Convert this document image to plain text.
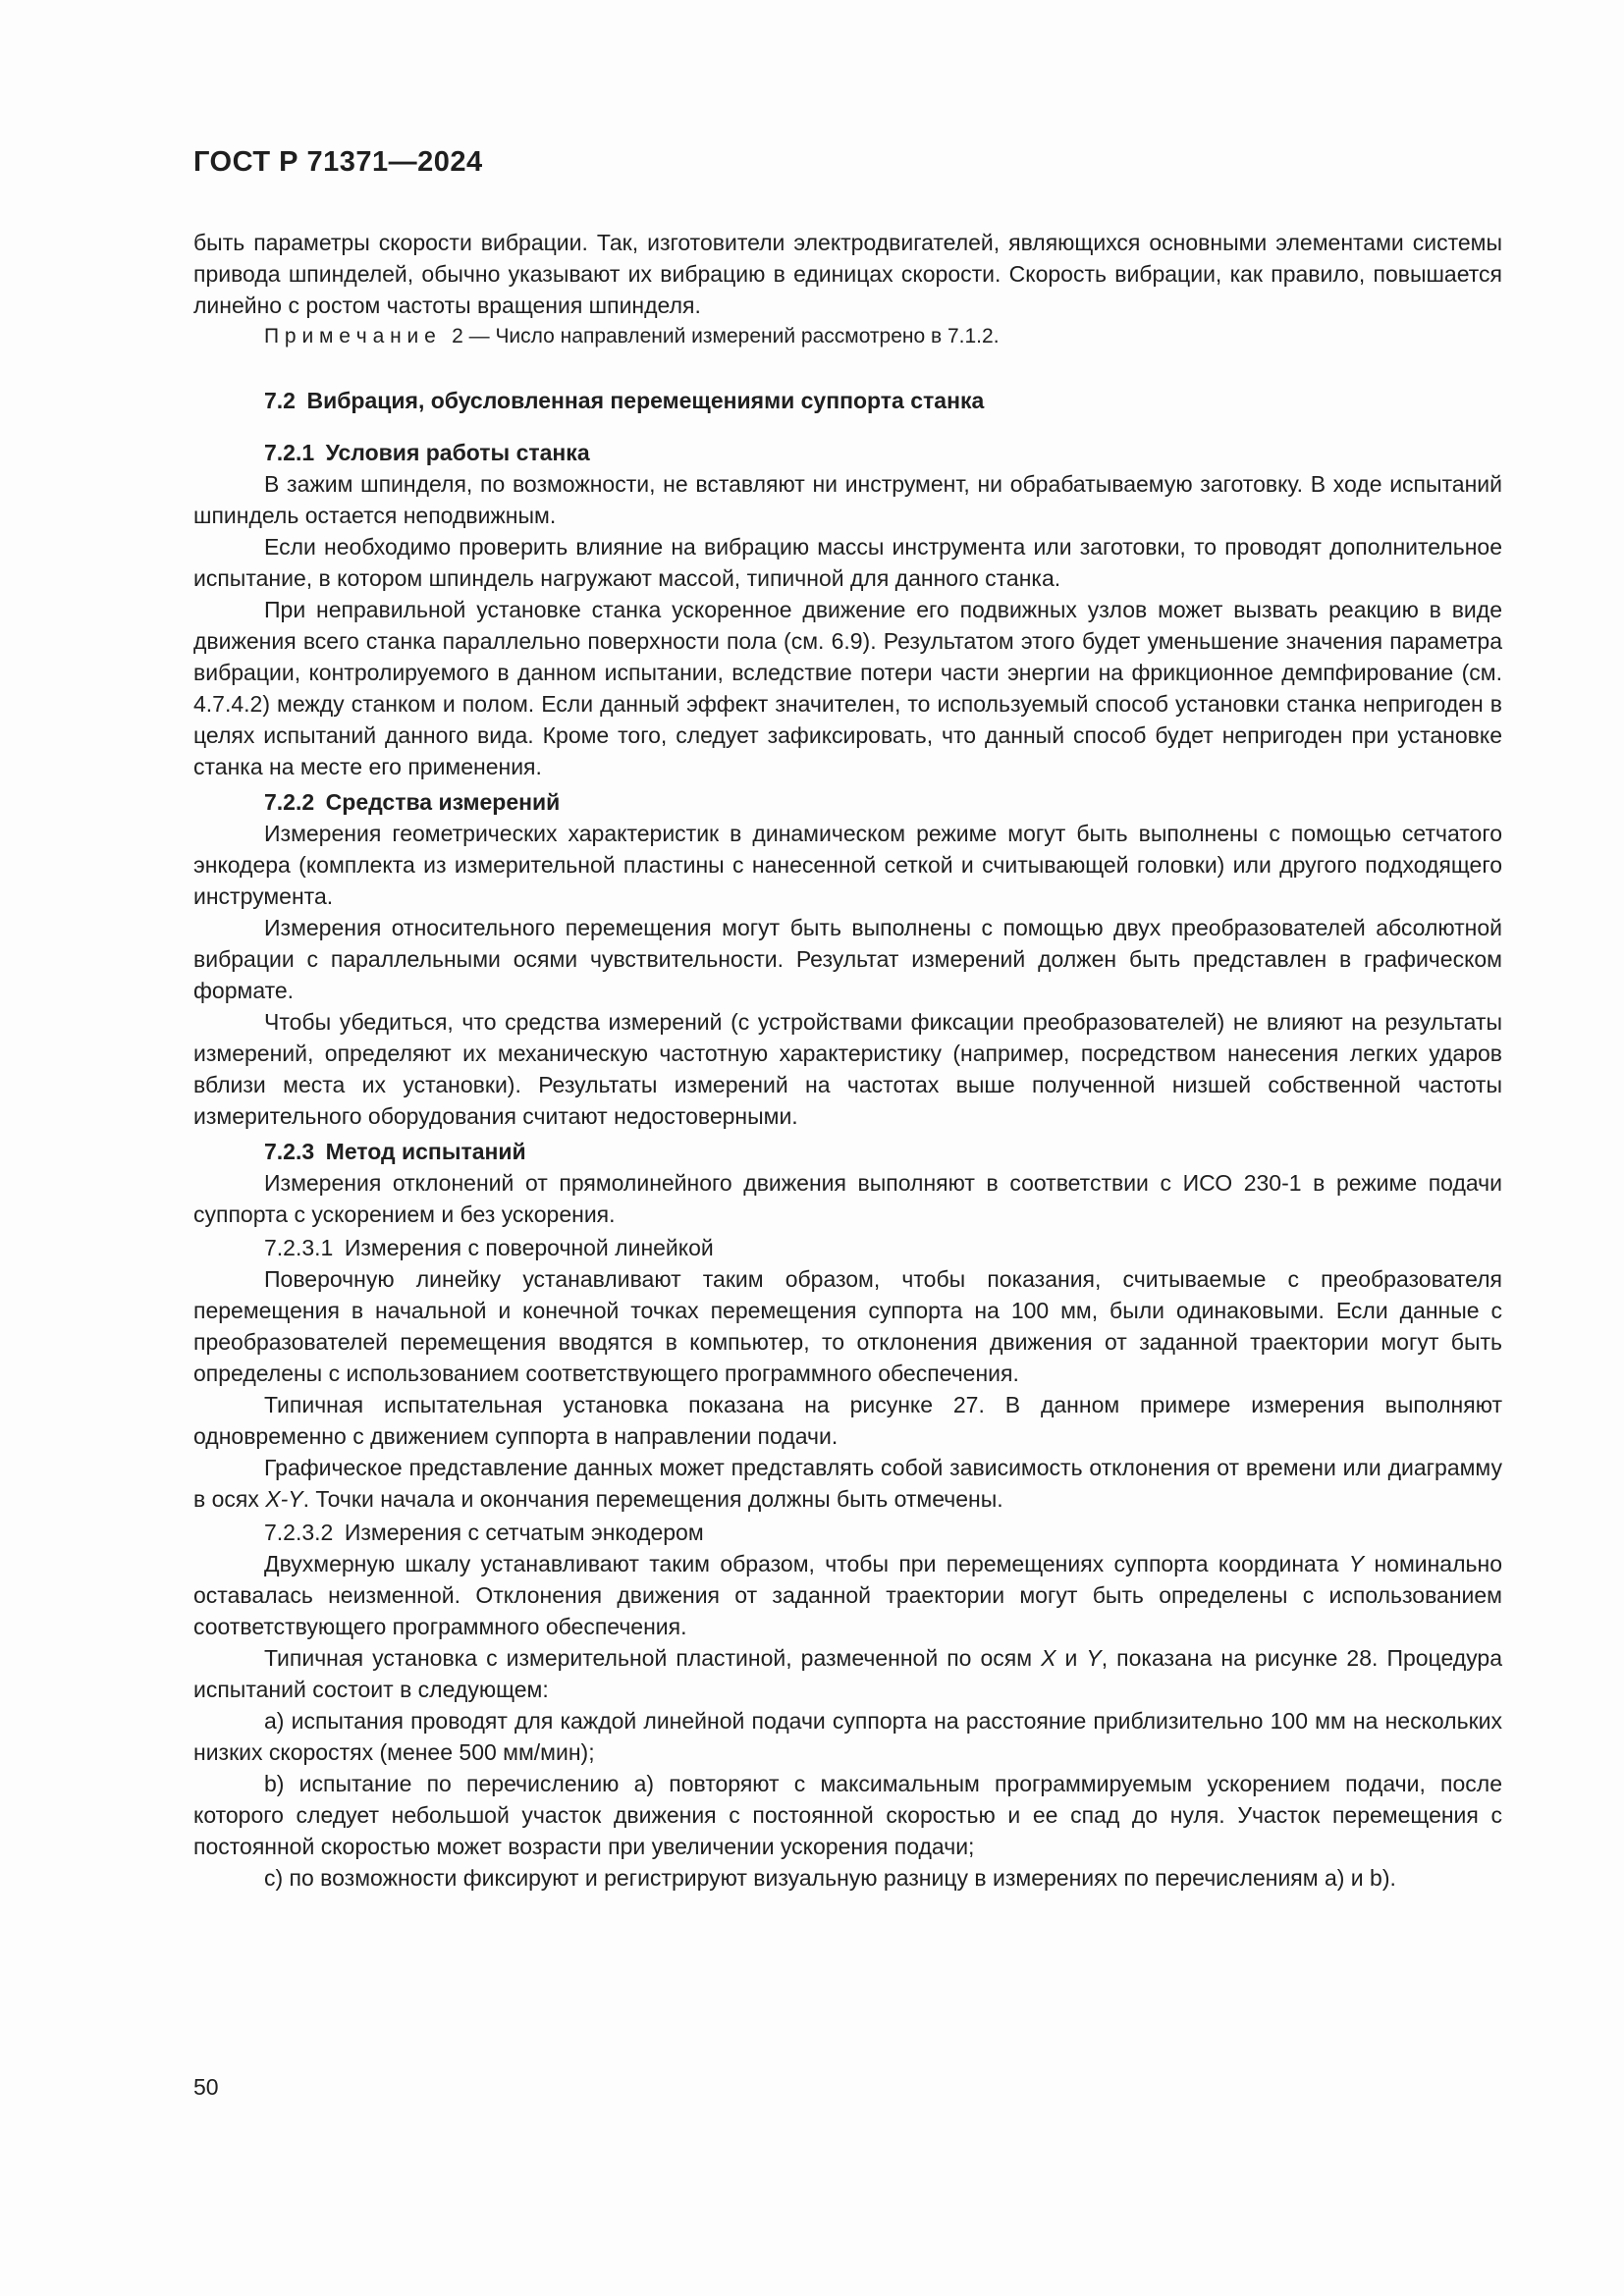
ГОСТ Р 71371—2024

быть параметры скорости вибрации. Так, изготовители электродвигателей, являющихся основными элементами системы привода шпинделей, обычно указывают их вибрацию в единицах скорости. Скорость вибрации, как правило, повышается линейно с ростом частоты вращения шпинделя.

П р и м е ч а н и е  2 — Число направлений измерений рассмотрено в 7.1.2.

7.2 Вибрация, обусловленная перемещениями суппорта станка

7.2.1 Условия работы станка

В зажим шпинделя, по возможности, не вставляют ни инструмент, ни обрабатываемую заготовку. В ходе испытаний шпиндель остается неподвижным.

Если необходимо проверить влияние на вибрацию массы инструмента или заготовки, то проводят дополнительное испытание, в котором шпиндель нагружают массой, типичной для данного станка.

При неправильной установке станка ускоренное движение его подвижных узлов может вызвать реакцию в виде движения всего станка параллельно поверхности пола (см. 6.9). Результатом этого будет уменьшение значения параметра вибрации, контролируемого в данном испытании, вследствие потери части энергии на фрикционное демпфирование (см. 4.7.4.2) между станком и полом. Если данный эффект значителен, то используемый способ установки станка непригоден в целях испытаний данного вида. Кроме того, следует зафиксировать, что данный способ будет непригоден при установке станка на месте его применения.

7.2.2 Средства измерений

Измерения геометрических характеристик в динамическом режиме могут быть выполнены с помощью сетчатого энкодера (комплекта из измерительной пластины с нанесенной сеткой и считывающей головки) или другого подходящего инструмента.

Измерения относительного перемещения могут быть выполнены с помощью двух преобразователей абсолютной вибрации с параллельными осями чувствительности. Результат измерений должен быть представлен в графическом формате.

Чтобы убедиться, что средства измерений (с устройствами фиксации преобразователей) не влияют на результаты измерений, определяют их механическую частотную характеристику (например, посредством нанесения легких ударов вблизи места их установки). Результаты измерений на частотах выше полученной низшей собственной частоты измерительного оборудования считают недостоверными.

7.2.3 Метод испытаний

Измерения отклонений от прямолинейного движения выполняют в соответствии с ИСО 230-1 в режиме подачи суппорта с ускорением и без ускорения.

7.2.3.1 Измерения с поверочной линейкой

Поверочную линейку устанавливают таким образом, чтобы показания, считываемые с преобразователя перемещения в начальной и конечной точках перемещения суппорта на 100 мм, были одинаковыми. Если данные с преобразователей перемещения вводятся в компьютер, то отклонения движения от заданной траектории могут быть определены с использованием соответствующего программного обеспечения.

Типичная испытательная установка показана на рисунке 27. В данном примере измерения выполняют одновременно с движением суппорта в направлении подачи.

Графическое представление данных может представлять собой зависимость отклонения от времени или диаграмму в осях X-Y. Точки начала и окончания перемещения должны быть отмечены.

7.2.3.2 Измерения с сетчатым энкодером

Двухмерную шкалу устанавливают таким образом, чтобы при перемещениях суппорта координата Y номинально оставалась неизменной. Отклонения движения от заданной траектории могут быть определены с использованием соответствующего программного обеспечения.

Типичная установка с измерительной пластиной, размеченной по осям X и Y, показана на рисунке 28. Процедура испытаний состоит в следующем:

a) испытания проводят для каждой линейной подачи суппорта на расстояние приблизительно 100 мм на нескольких низких скоростях (менее 500 мм/мин);

b) испытание по перечислению a) повторяют с максимальным программируемым ускорением подачи, после которого следует небольшой участок движения с постоянной скоростью и ее спад до нуля. Участок перемещения с постоянной скоростью может возрасти при увеличении ускорения подачи;

c) по возможности фиксируют и регистрируют визуальную разницу в измерениях по перечислениям a) и b).

50
